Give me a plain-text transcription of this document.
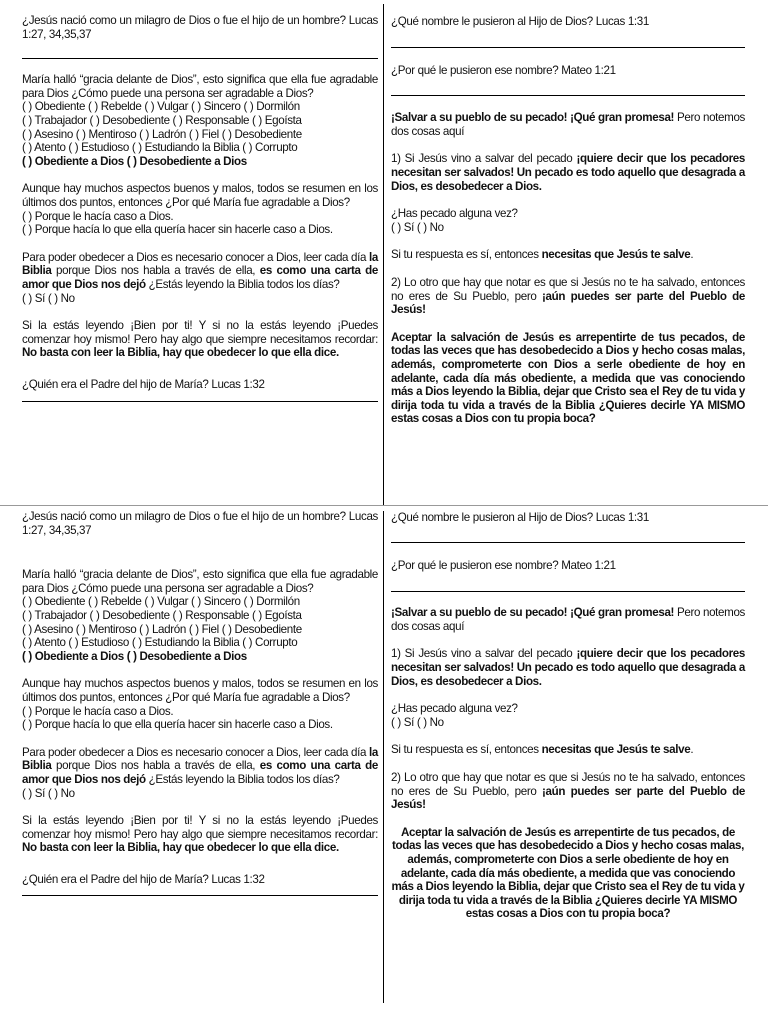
¿Jesús nació como un milagro de Dios o fue el hijo de un hombre? Lucas 1:27, 34,35,37

María halló “gracia delante de Dios”, esto significa que ella fue agradable para Dios ¿Cómo puede una persona ser agradable a Dios?

( ) Obediente ( ) Rebelde ( ) Vulgar ( ) Sincero ( ) Dormilón
( ) Trabajador ( ) Desobediente ( ) Responsable ( ) Egoísta
( ) Asesino ( ) Mentiroso ( ) Ladrón ( ) Fiel ( ) Desobediente
( ) Atento ( ) Estudioso ( ) Estudiando la Biblia ( ) Corrupto
( ) Obediente a Dios ( ) Desobediente a Dios

Aunque hay muchos aspectos buenos y malos, todos se resumen en los últimos dos puntos, entonces ¿Por qué María fue agradable a Dios?

( ) Porque le hacía caso a Dios.
( ) Porque hacía lo que ella quería hacer sin hacerle caso a Dios.

Para poder obedecer a Dios es necesario conocer a Dios, leer cada día la Biblia porque Dios nos habla a través de ella, es como una carta de amor que Dios nos dejó ¿Estás leyendo la Biblia todos los días?

( ) Sí ( ) No

Si la estás leyendo ¡Bien por ti! Y si no la estás leyendo ¡Puedes comenzar hoy mismo! Pero hay algo que siempre necesitamos recordar: No basta con leer la Biblia, hay que obedecer lo que ella dice.

¿Quién era el Padre del hijo de María? Lucas 1:32

¿Qué nombre le pusieron al Hijo de Dios? Lucas 1:31

¿Por qué le pusieron ese nombre? Mateo 1:21

¡Salvar a su pueblo de su pecado! ¡Qué gran promesa! Pero notemos dos cosas aquí

1) Si Jesús vino a salvar del pecado ¡quiere decir que los pecadores necesitan ser salvados! Un pecado es todo aquello que desagrada a Dios, es desobedecer a Dios.

¿Has pecado alguna vez?

( ) Sí ( ) No

Si tu respuesta es sí, entonces necesitas que Jesús te salve.

2) Lo otro que hay que notar es que si Jesús no te ha salvado, entonces no eres de Su Pueblo, pero ¡aún puedes ser parte del Pueblo de Jesús!

Aceptar la salvación de Jesús es arrepentirte de tus pecados, de todas las veces que has desobedecido a Dios y hecho cosas malas, además, comprometerte con Dios a serle obediente de hoy en adelante, cada día más obediente, a medida que vas conociendo más a Dios leyendo la Biblia, dejar que Cristo sea el Rey de tu vida y dirija toda tu vida a través de la Biblia ¿Quieres decirle YA MISMO estas cosas a Dios con tu propia boca?

¿Jesús nació como un milagro de Dios o fue el hijo de un hombre? Lucas 1:27, 34,35,37

María halló “gracia delante de Dios”, esto significa que ella fue agradable para Dios ¿Cómo puede una persona ser agradable a Dios?

( ) Obediente ( ) Rebelde ( ) Vulgar ( ) Sincero ( ) Dormilón
( ) Trabajador ( ) Desobediente ( ) Responsable ( ) Egoísta
( ) Asesino ( ) Mentiroso ( ) Ladrón ( ) Fiel ( ) Desobediente
( ) Atento ( ) Estudioso ( ) Estudiando la Biblia ( ) Corrupto
( ) Obediente a Dios ( ) Desobediente a Dios

Aunque hay muchos aspectos buenos y malos, todos se resumen en los últimos dos puntos, entonces ¿Por qué María fue agradable a Dios?

( ) Porque le hacía caso a Dios.
( ) Porque hacía lo que ella quería hacer sin hacerle caso a Dios.

Para poder obedecer a Dios es necesario conocer a Dios, leer cada día la Biblia porque Dios nos habla a través de ella, es como una carta de amor que Dios nos dejó ¿Estás leyendo la Biblia todos los días?

( ) Sí ( ) No

Si la estás leyendo ¡Bien por ti! Y si no la estás leyendo ¡Puedes comenzar hoy mismo! Pero hay algo que siempre necesitamos recordar: No basta con leer la Biblia, hay que obedecer lo que ella dice.

¿Quién era el Padre del hijo de María? Lucas 1:32

¿Qué nombre le pusieron al Hijo de Dios? Lucas 1:31

¿Por qué le pusieron ese nombre? Mateo 1:21

¡Salvar a su pueblo de su pecado! ¡Qué gran promesa! Pero notemos dos cosas aquí

1) Si Jesús vino a salvar del pecado ¡quiere decir que los pecadores necesitan ser salvados! Un pecado es todo aquello que desagrada a Dios, es desobedecer a Dios.

¿Has pecado alguna vez?

( ) Sí ( ) No

Si tu respuesta es sí, entonces necesitas que Jesús te salve.

2) Lo otro que hay que notar es que si Jesús no te ha salvado, entonces no eres de Su Pueblo, pero ¡aún puedes ser parte del Pueblo de Jesús!

Aceptar la salvación de Jesús es arrepentirte de tus pecados, de todas las veces que has desobedecido a Dios y hecho cosas malas, además, comprometerte con Dios a serle obediente de hoy en adelante, cada día más obediente, a medida que vas conociendo más a Dios leyendo la Biblia, dejar que Cristo sea el Rey de tu vida y dirija toda tu vida a través de la Biblia ¿Quieres decirle YA MISMO estas cosas a Dios con tu propia boca?
